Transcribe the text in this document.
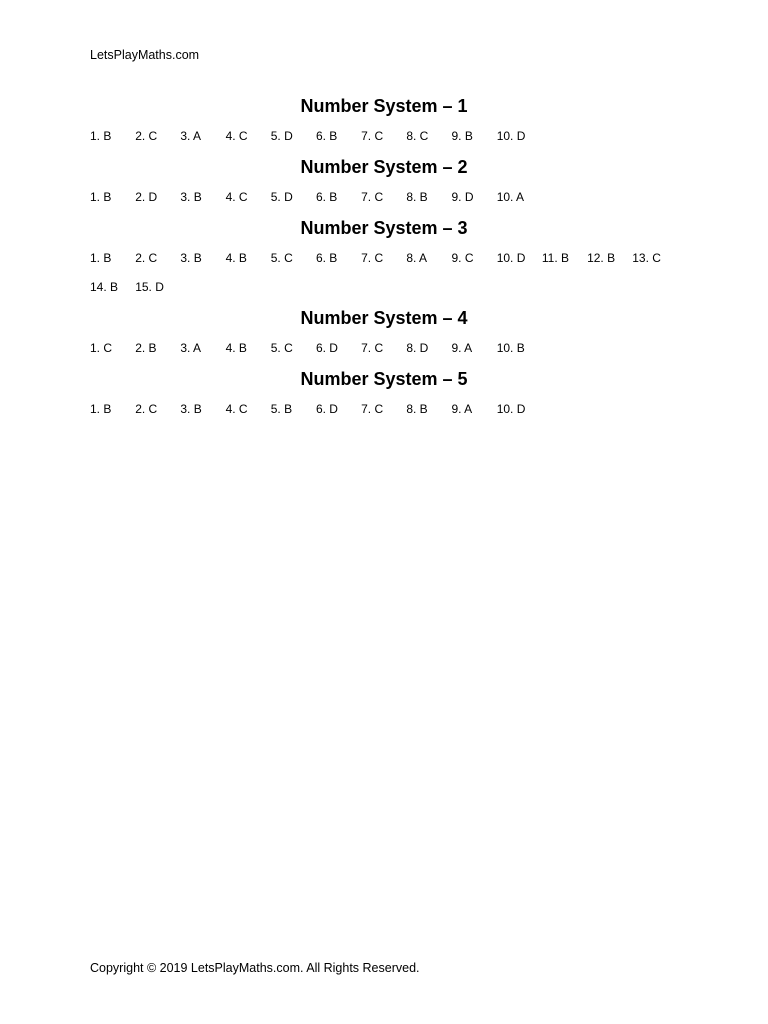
LetsPlayMaths.com
Number System – 1
1. B	2. C	3. A	4. C	5. D	6. B	7. C	8. C	9. B	10. D
Number System – 2
1. B	2. D	3. B	4. C	5. D	6. B	7. C	8. B	9. D	10. A
Number System – 3
1. B	2. C	3. B	4. B	5. C	6. B	7. C	8. A	9. C	10. D	11. B	12. B	13. C
14. B	15. D
Number System – 4
1. C	2. B	3. A	4. B	5. C	6. D	7. C	8. D	9. A	10. B
Number System – 5
1. B	2. C	3. B	4. C	5. B	6. D	7. C	8. B	9. A	10. D
Copyright © 2019 LetsPlayMaths.com. All Rights Reserved.
